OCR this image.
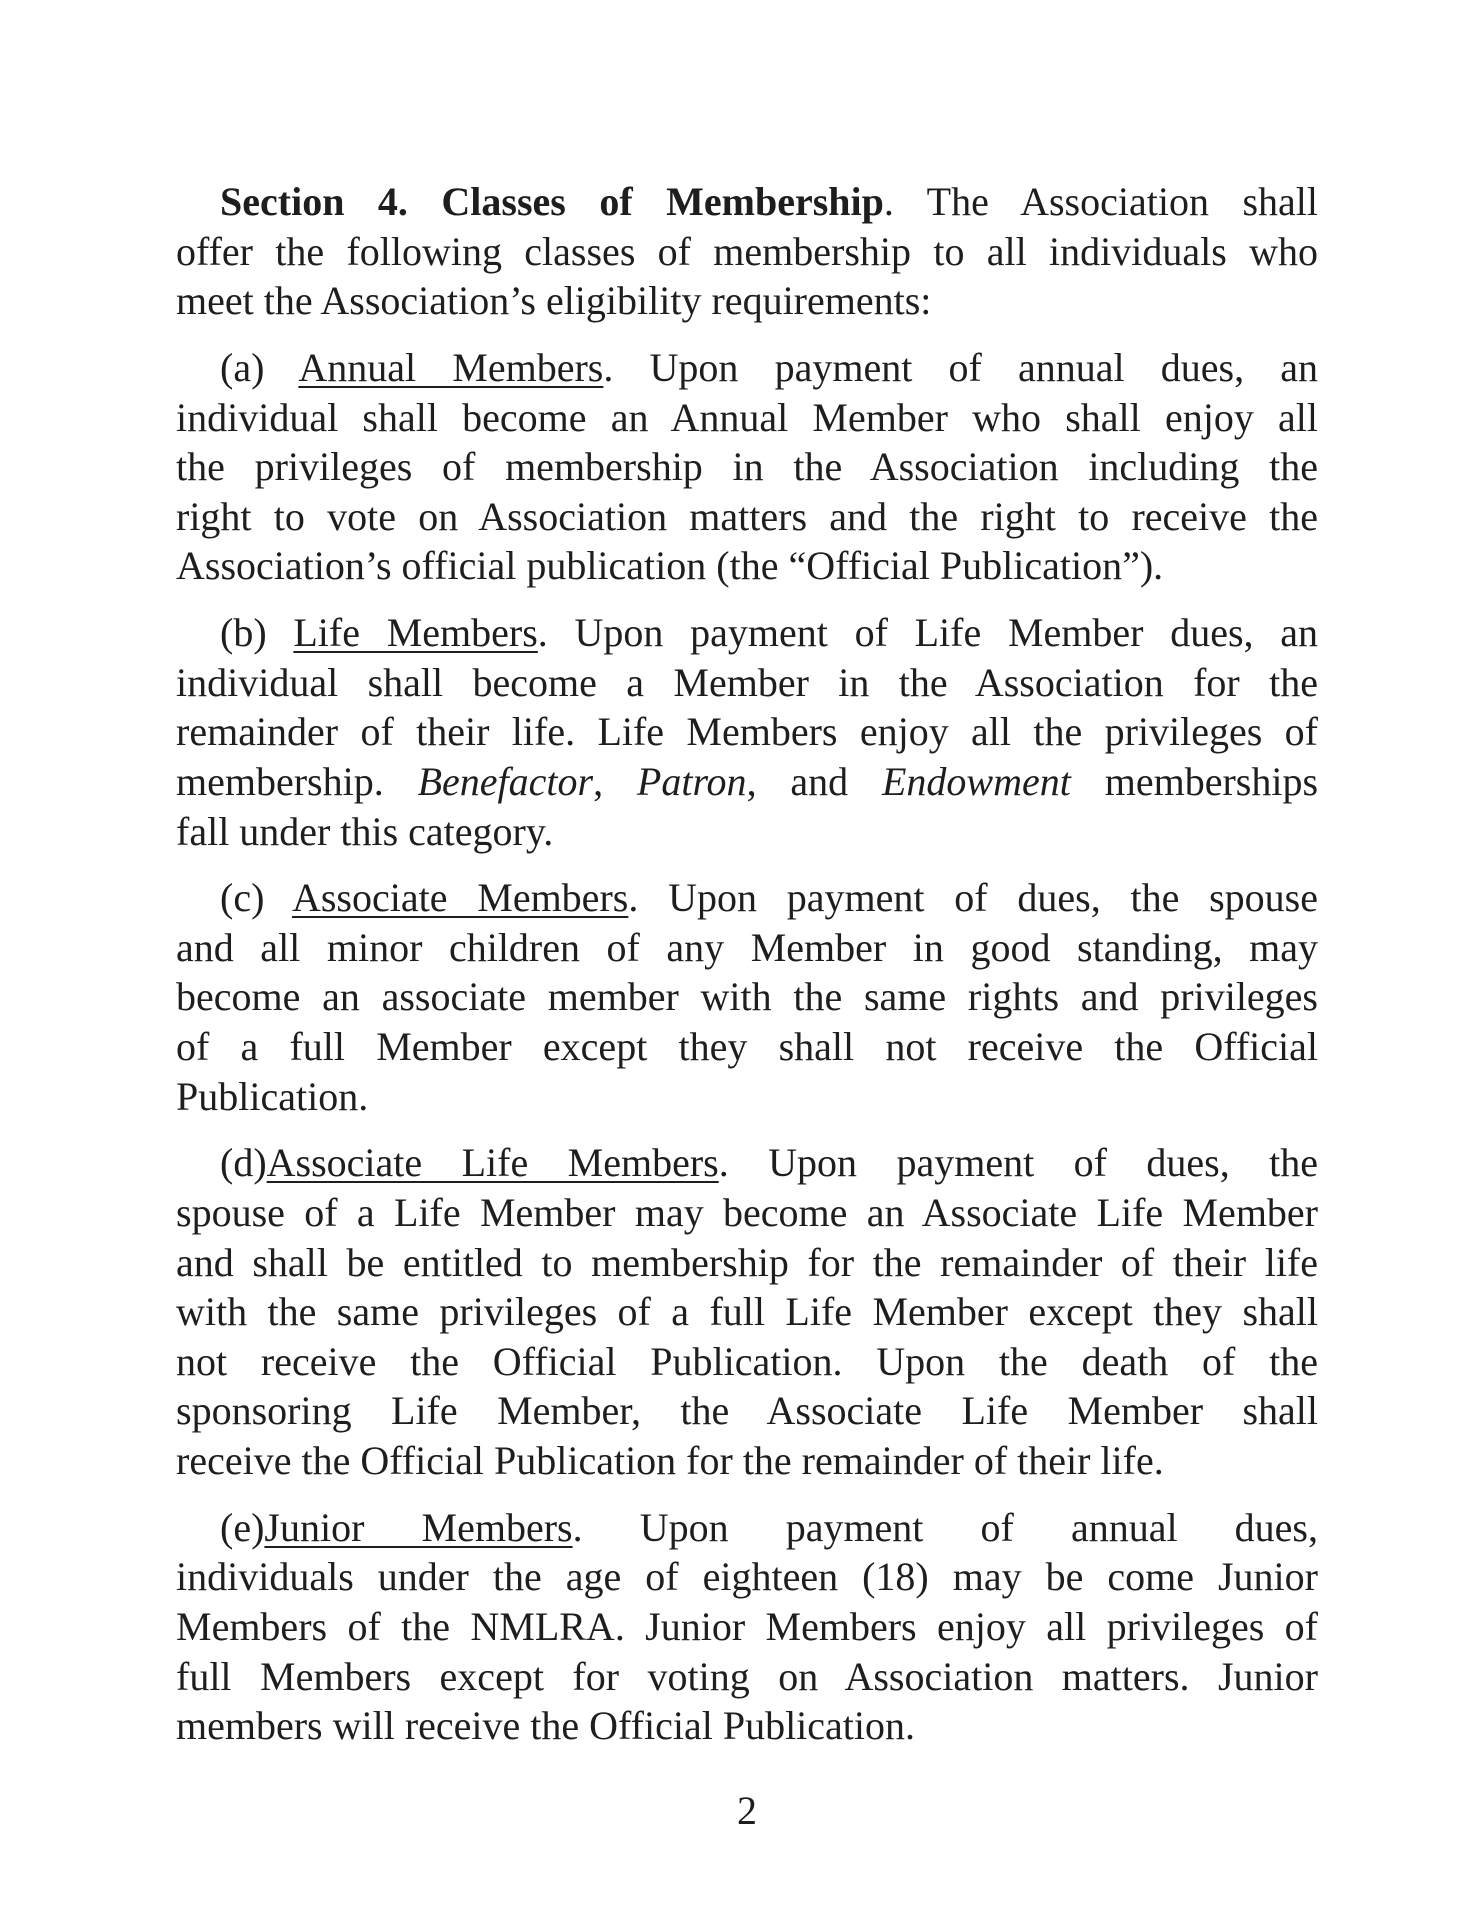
Section 4. Classes of Membership. The Association shall
offer the following classes of membership to all individuals who
meet the Association’s eligibility requirements:
(a) Annual Members. Upon payment of annual dues, an
individual shall become an Annual Member who shall enjoy all
the privileges of membership in the Association including the
right to vote on Association matters and the right to receive the
Association’s official publication (the “Official Publication”).
(b) Life Members. Upon payment of Life Member dues, an
individual shall become a Member in the Association for the
remainder of their life. Life Members enjoy all the privileges of
membership. Benefactor, Patron, and Endowment memberships
fall under this category.
(c) Associate Members. Upon payment of dues, the spouse
and all minor children of any Member in good standing, may
become an associate member with the same rights and privileges
of a full Member except they shall not receive the Official
Publication.
(d)Associate Life Members. Upon payment of dues, the
spouse of a Life Member may become an Associate Life Member
and shall be entitled to membership for the remainder of their life
with the same privileges of a full Life Member except they shall
not receive the Official Publication. Upon the death of the
sponsoring Life Member, the Associate Life Member shall
receive the Official Publication for the remainder of their life.
(e)Junior Members. Upon payment of annual dues,
individuals under the age of eighteen (18) may be come Junior
Members of the NMLRA. Junior Members enjoy all privileges of
full Members except for voting on Association matters. Junior
members will receive the Official Publication.
2
